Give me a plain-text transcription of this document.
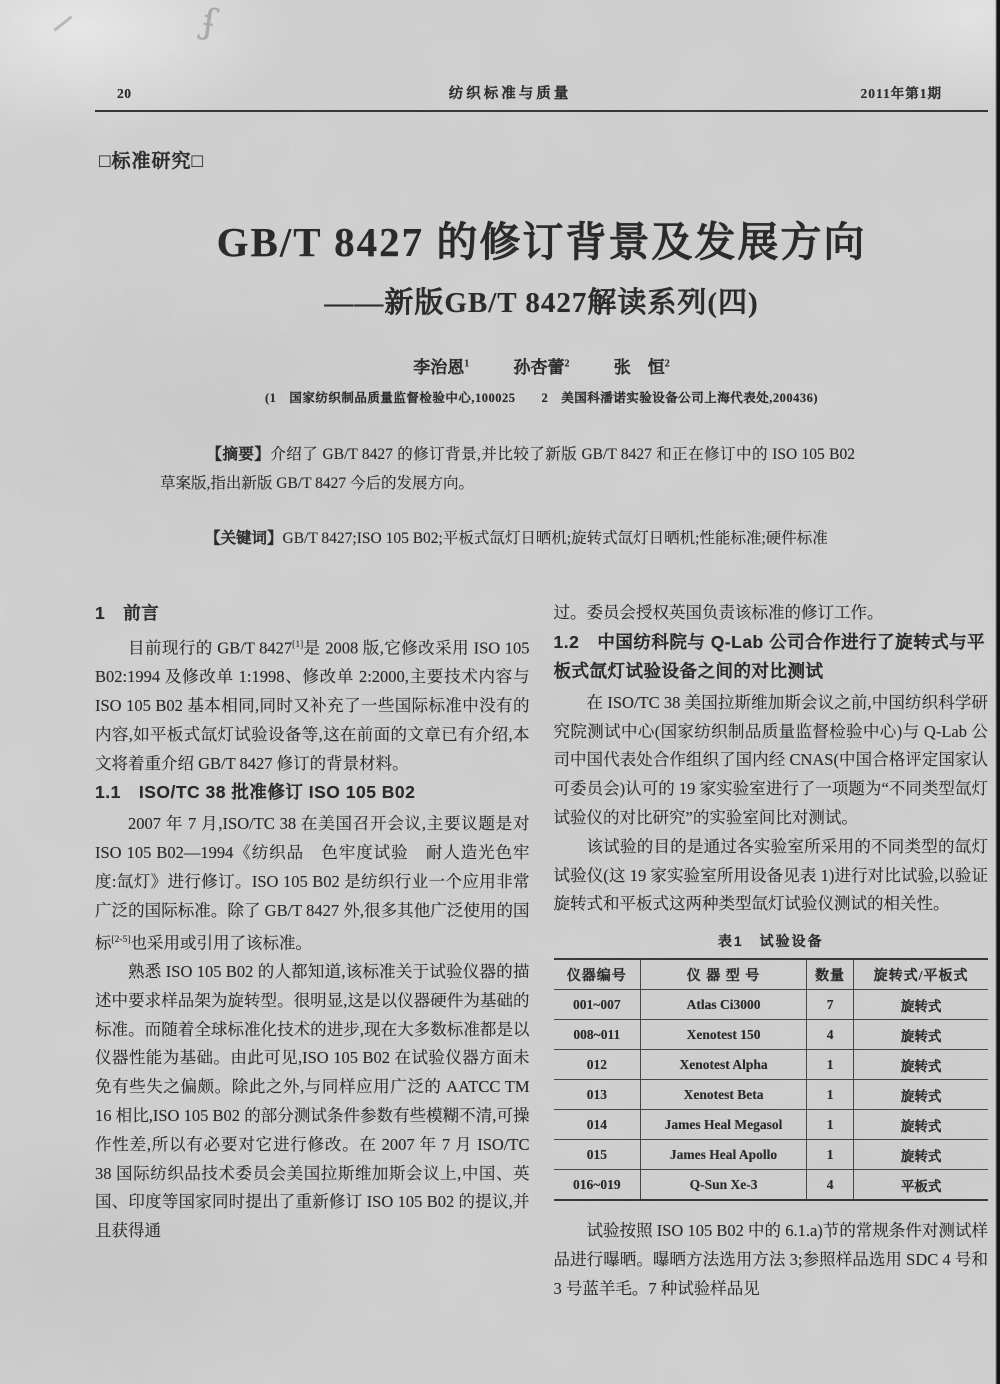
ʄ
20	纺织标准与质量	2011年第1期
□标准研究□
GB/T 8427 的修订背景及发展方向
——新版GB/T 8427解读系列(四)
李治恩$^1$	孙杏蕾$^2$	张　恒$^2$
(1　国家纺织制品质量监督检验中心,100025　　2　美国科潘诺实验设备公司上海代表处,200436)

【摘要】介绍了 GB/T 8427 的修订背景,并比较了新版 GB/T 8427 和正在修订中的 ISO 105 B02 草案版,指出新版 GB/T 8427 今后的发展方向。

【关键词】GB/T 8427;ISO 105 B02;平板式氙灯日晒机;旋转式氙灯日晒机;性能标准;硬件标准

1　前言

目前现行的 GB/T 8427[1]是 2008 版,它修改采用 ISO 105 B02:1994 及修改单 1:1998、修改单 2:2000,主要技术内容与 ISO 105 B02 基本相同,同时又补充了一些国际标准中没有的内容,如平板式氙灯试验设备等,这在前面的文章已有介绍,本文将着重介绍 GB/T 8427 修订的背景材料。

1.1　ISO/TC 38 批准修订 ISO 105 B02

2007 年 7 月,ISO/TC 38 在美国召开会议,主要议题是对 ISO 105 B02—1994《纺织品　色牢度试验　耐人造光色牢度:氙灯》进行修订。ISO 105 B02 是纺织行业一个应用非常广泛的国际标准。除了 GB/T 8427 外,很多其他广泛使用的国标[2-5]也采用或引用了该标准。

熟悉 ISO 105 B02 的人都知道,该标准关于试验仪器的描述中要求样品架为旋转型。很明显,这是以仪器硬件为基础的标准。而随着全球标准化技术的进步,现在大多数标准都是以仪器性能为基础。由此可见,ISO 105 B02 在试验仪器方面未免有些失之偏颇。除此之外,与同样应用广泛的 AATCC TM 16 相比,ISO 105 B02 的部分测试条件参数有些模糊不清,可操作性差,所以有必要对它进行修改。在 2007 年 7 月 ISO/TC 38 国际纺织品技术委员会美国拉斯维加斯会议上,中国、英国、印度等国家同时提出了重新修订 ISO 105 B02 的提议,并且获得通

过。委员会授权英国负责该标准的修订工作。

1.2　中国纺科院与 Q-Lab 公司合作进行了旋转式与平板式氙灯试验设备之间的对比测试

在 ISO/TC 38 美国拉斯维加斯会议之前,中国纺织科学研究院测试中心(国家纺织制品质量监督检验中心)与 Q-Lab 公司中国代表处合作组织了国内经 CNAS(中国合格评定国家认可委员会)认可的 19 家实验室进行了一项题为“不同类型氙灯试验仪的对比研究”的实验室间比对测试。

该试验的目的是通过各实验室所采用的不同类型的氙灯试验仪(这 19 家实验室所用设备见表 1)进行对比试验,以验证旋转式和平板式这两种类型氙灯试验仪测试的相关性。

表1　试验设备
仪器编号	仪 器 型 号	数量	旋转式/平板式
001~007	Atlas Ci3000	7	旋转式
008~011	Xenotest 150	4	旋转式
012	Xenotest Alpha	1	旋转式
013	Xenotest Beta	1	旋转式
014	James Heal Megasol	1	旋转式
015	James Heal Apollo	1	旋转式
016~019	Q-Sun Xe-3	4	平板式

试验按照 ISO 105 B02 中的 6.1.a)节的常规条件对测试样品进行曝晒。曝晒方法选用方法 3;参照样品选用 SDC 4 号和 3 号蓝羊毛。7 种试验样品见
